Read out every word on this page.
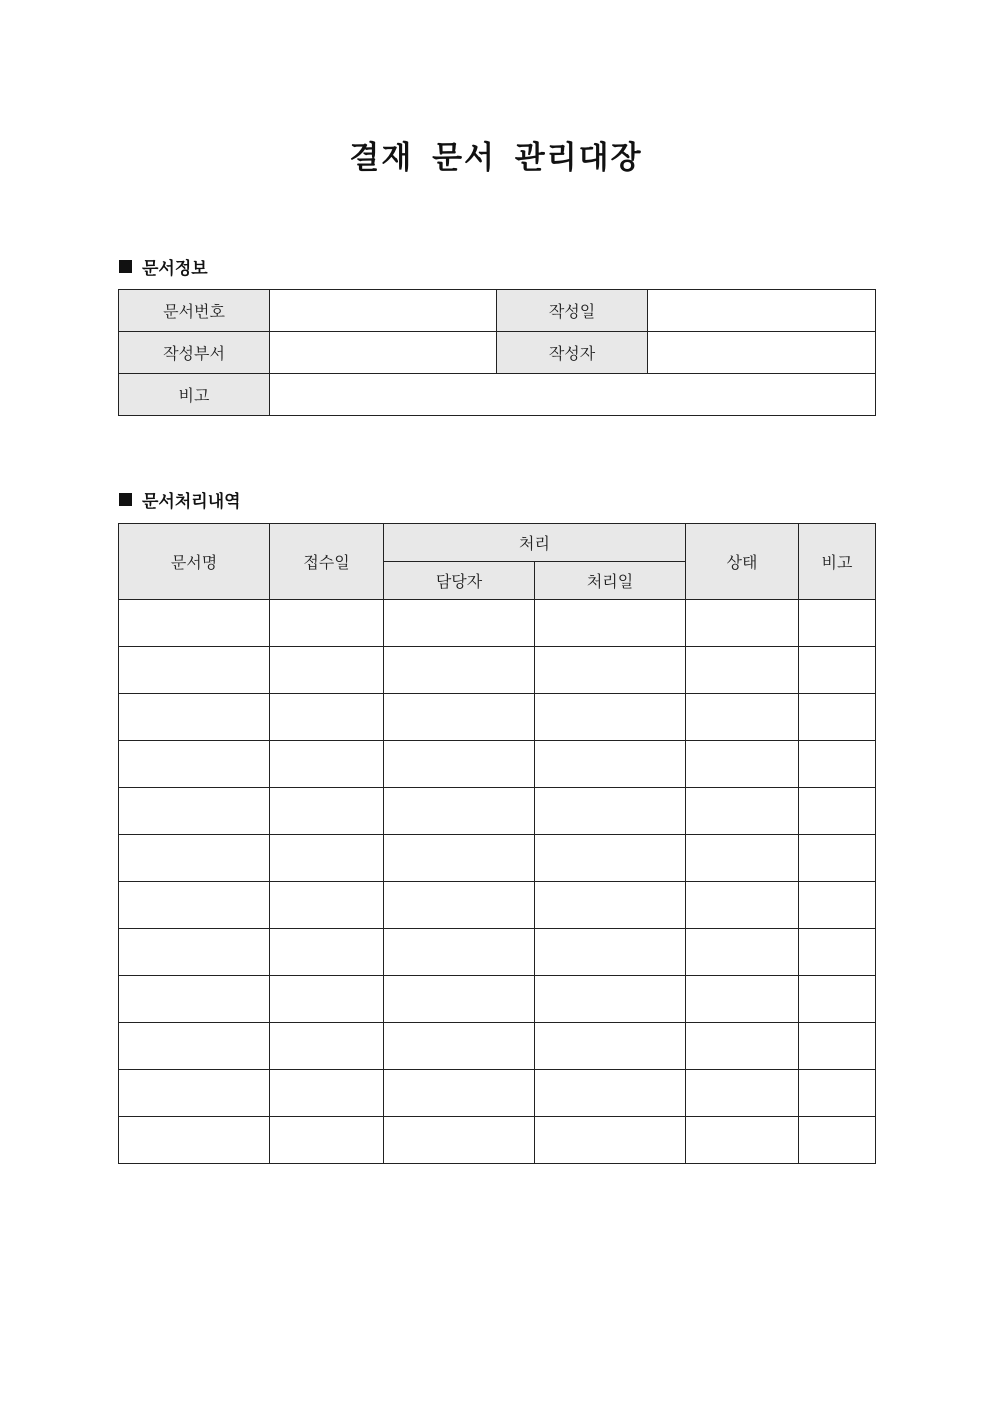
결재 문서 관리대장
문서정보
문서번호		작성일	
작성부서		작성자	
비고			
문서처리내역
문서명	접수일	처리		상태	비고
		담당자	처리일		
